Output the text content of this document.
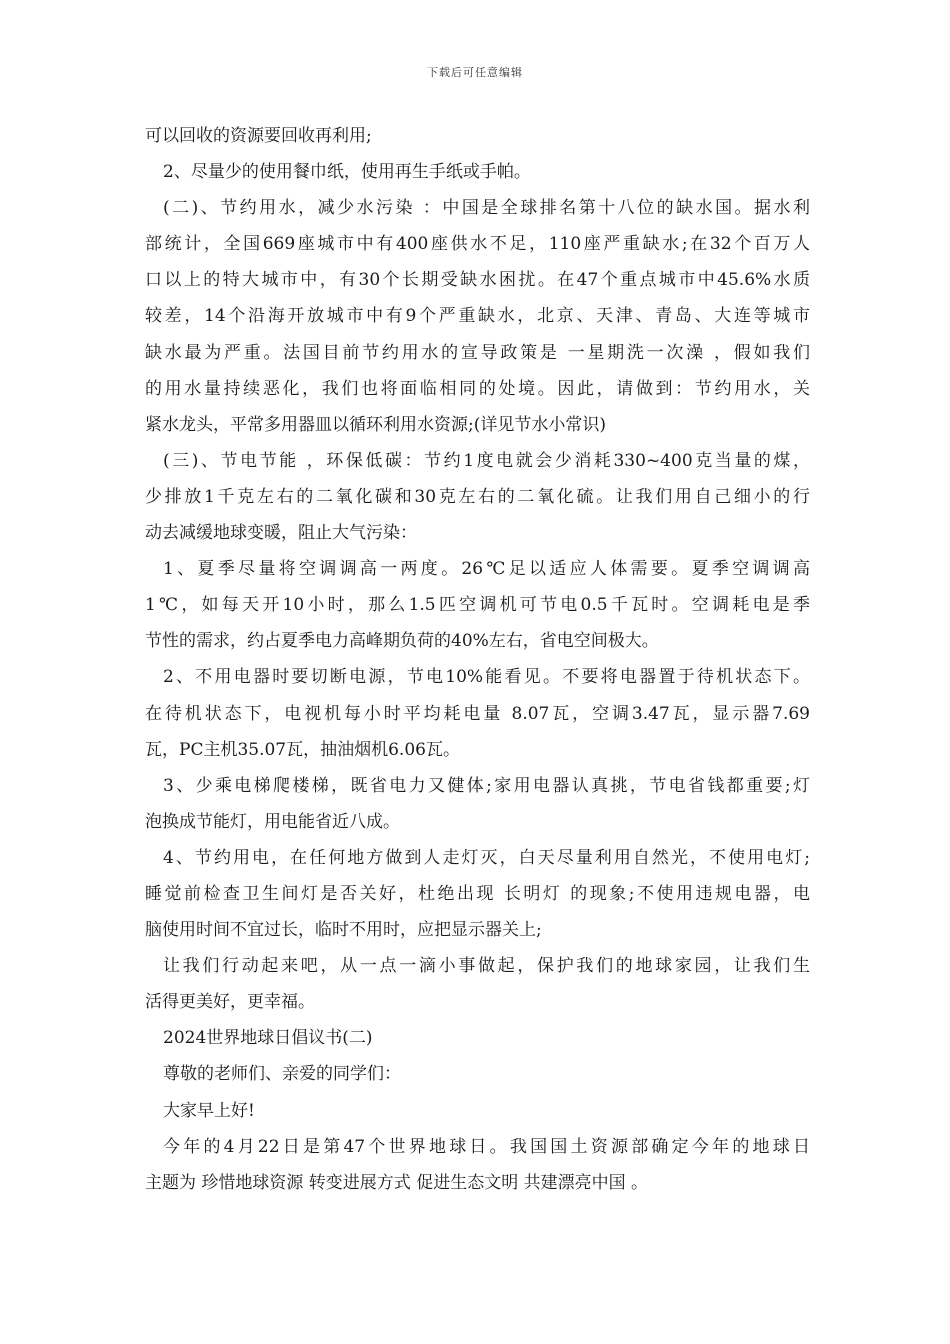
下载后可任意编辑
可以回收的资源要回收再利用;
2、尽量少的使用餐巾纸，使用再生手纸或手帕。
(二)、节约用水，减少水污染 ：中国是全球排名第十八位的缺水国。据水利
部统计，全国669座城市中有400座供水不足，110座严重缺水;在32个百万人
口以上的特大城市中，有30个长期受缺水困扰。在47个重点城市中45.6%水质
较差，14个沿海开放城市中有9个严重缺水，北京、天津、青岛、大连等城市
缺水最为严重。法国目前节约用水的宣导政策是 一星期洗一次澡 ，假如我们
的用水量持续恶化，我们也将面临相同的处境。因此，请做到：节约用水，关
紧水龙头，平常多用器皿以循环利用水资源;(详见节水小常识)
(三)、节电节能 ，环保低碳：节约1度电就会少消耗330~400克当量的煤，
少排放1千克左右的二氧化碳和30克左右的二氧化硫。让我们用自己细小的行
动去减缓地球变暖，阻止大气污染：
1、夏季尽量将空调调高一两度。26℃足以适应人体需要。夏季空调调高
1℃，如每天开10小时，那么1.5匹空调机可节电0.5千瓦时。空调耗电是季
节性的需求，约占夏季电力高峰期负荷的40%左右，省电空间极大。
2、不用电器时要切断电源，节电10%能看见。不要将电器置于待机状态下。
在待机状态下，电视机每小时平均耗电量 8.07瓦，空调3.47瓦，显示器7.69
瓦，PC主机35.07瓦，抽油烟机6.06瓦。
3、少乘电梯爬楼梯，既省电力又健体;家用电器认真挑，节电省钱都重要;灯
泡换成节能灯，用电能省近八成。
4、节约用电，在任何地方做到人走灯灭，白天尽量利用自然光，不使用电灯;
睡觉前检查卫生间灯是否关好，杜绝出现 长明灯 的现象;不使用违规电器，电
脑使用时间不宜过长，临时不用时，应把显示器关上;
让我们行动起来吧，从一点一滴小事做起，保护我们的地球家园，让我们生
活得更美好，更幸福。
2024世界地球日倡议书(二)
尊敬的老师们、亲爱的同学们：
大家早上好!
今年的4月22日是第47个世界地球日。我国国土资源部确定今年的地球日
主题为 珍惜地球资源 转变进展方式 促进生态文明 共建漂亮中国 。
